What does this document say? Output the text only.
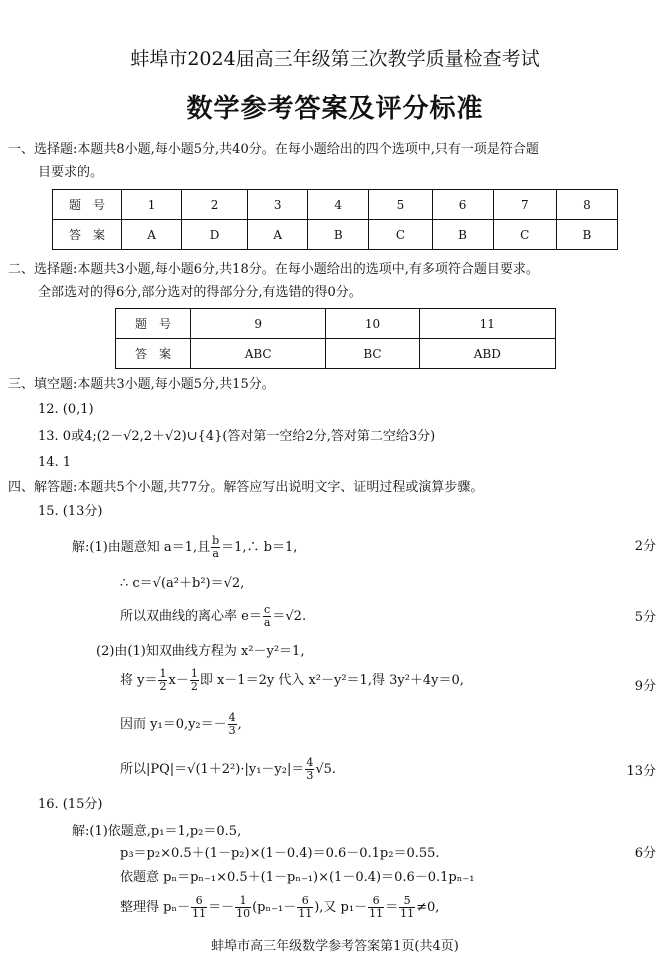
蚌埠市2024届高三年级第三次教学质量检查考试
数学参考答案及评分标准
一、选择题:本题共8小题,每小题5分,共40分。在每小题给出的四个选项中,只有一项是符合题
目要求的。
题　号	1	2	3	4	5	6	7	8
答　案	A	D	A	B	C	B	C	B
二、选择题:本题共3小题,每小题6分,共18分。在每小题给出的选项中,有多项符合题目要求。
全部选对的得6分,部分选对的得部分分,有选错的得0分。
题　号	9	10	11
答　案	ABC	BC	ABD
三、填空题:本题共3小题,每小题5分,共15分。
12. (0,1)
13. 0或4;(2－√2,2＋√2)∪{4}(答对第一空给2分,答对第二空给3分)
14. 1
四、解答题:本题共5个小题,共77分。解答应写出说明文字、证明过程或演算步骤。
15. (13分)
解:(1)由题意知 a＝1,且 $\frac{b}{a}$ ＝1,∴ b＝1,	2分
∴ c＝√(a²＋b²)＝√2,
所以双曲线的离心率 $e= \frac{c}{a} =√2$.	5分
(2)由(1)知双曲线方程为 x²－y²＝1,
将 $y= \frac{1}{2} x- \frac{1}{2}$ 即 x－1＝2y 代入 x²－y²＝1,得 3y²＋4y＝0,	9分
因而 $y_1=0,y_2=- \frac{4}{3}$ ,
所以$|PQ|=√(1+2^2)\cdot|y_1-y_2|= \frac{4}{3} √5$.	13分
16. (15分)
解:(1)依题意,p₁＝1,p₂＝0.5,
p₃＝p₂×0.5＋(1－p₂)×(1－0.4)＝0.6－0.1p₂＝0.55.	6分
依题意 pₙ＝pₙ₋₁×0.5＋(1－pₙ₋₁)×(1－0.4)＝0.6－0.1pₙ₋₁
整理得 $p_n- \frac{6}{11} =- \frac{1}{10} (p_{n-1}- \frac{6}{11}$ ),又 $p_1- \frac{6}{11} = \frac{5}{11} \ne 0$,
蚌埠市高三年级数学参考答案第1页(共4页)
